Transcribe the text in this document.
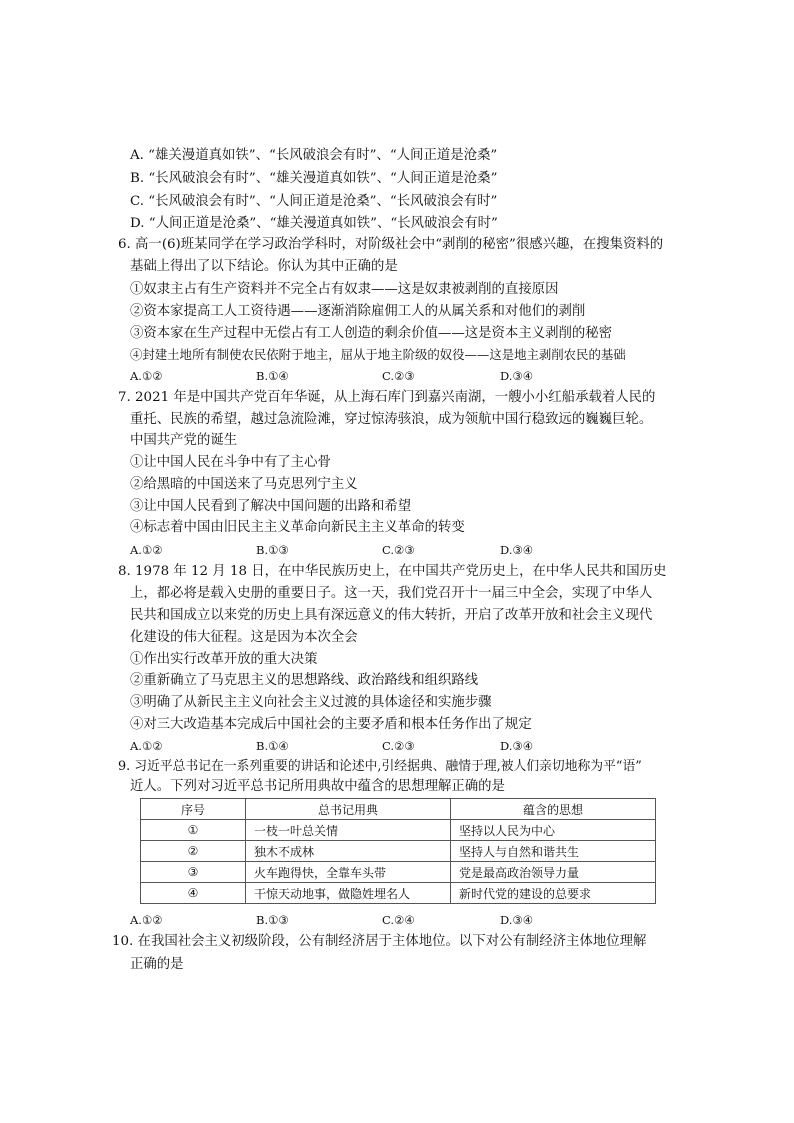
A. “雄关漫道真如铁”、“长风破浪会有时”、“人间正道是沧桑”
B. “长风破浪会有时”、“雄关漫道真如铁”、“人间正道是沧桑”
C. “长风破浪会有时”、“人间正道是沧桑”、“长风破浪会有时”
D. “人间正道是沧桑”、“雄关漫道真如铁”、“长风破浪会有时”
6. 高一(6)班某同学在学习政治学科时，对阶级社会中“剥削的秘密”很感兴趣，在搜集资料的
基础上得出了以下结论。你认为其中正确的是
①奴隶主占有生产资料并不完全占有奴隶——这是奴隶被剥削的直接原因
②资本家提高工人工资待遇——逐渐消除雇佣工人的从属关系和对他们的剥削
③资本家在生产过程中无偿占有工人创造的剩余价值——这是资本主义剥削的秘密
④封建土地所有制使农民依附于地主，屈从于地主阶级的奴役——这是地主剥削农民的基础
A.①②	B.①④	C.②③	D.③④
7. 2021 年是中国共产党百年华诞，从上海石库门到嘉兴南湖，一艘小小红船承载着人民的
重托、民族的希望，越过急流险滩，穿过惊涛骇浪，成为领航中国行稳致远的巍巍巨轮。
中国共产党的诞生
①让中国人民在斗争中有了主心骨
②给黑暗的中国送来了马克思列宁主义
③让中国人民看到了解决中国问题的出路和希望
④标志着中国由旧民主主义革命向新民主主义革命的转变
A.①②	B.①③	C.②③	D.③④
8. 1978 年 12 月 18 日，在中华民族历史上，在中国共产党历史上，在中华人民共和国历史
上，都必将是载入史册的重要日子。这一天，我们党召开十一届三中全会，实现了中华人
民共和国成立以来党的历史上具有深远意义的伟大转折，开启了改革开放和社会主义现代
化建设的伟大征程。这是因为本次全会
①作出实行改革开放的重大决策
②重新确立了马克思主义的思想路线、政治路线和组织路线
③明确了从新民主主义向社会主义过渡的具体途径和实施步骤
④对三大改造基本完成后中国社会的主要矛盾和根本任务作出了规定
A.①②	B.①④	C.②③	D.③④
9. 习近平总书记在一系列重要的讲话和论述中,引经据典、融情于理,被人们亲切地称为平“语”
近人。下列对习近平总书记所用典故中蕴含的思想理解正确的是
序号	总书记用典	蕴含的思想
①	一枝一叶总关情	坚持以人民为中心
②	独木不成林	坚持人与自然和谐共生
③	火车跑得快，全靠车头带	党是最高政治领导力量
④	干惊天动地事，做隐姓埋名人	新时代党的建设的总要求
A.①②	B.①③	C.②④	D.③④
10. 在我国社会主义初级阶段，公有制经济居于主体地位。以下对公有制经济主体地位理解
正确的是
